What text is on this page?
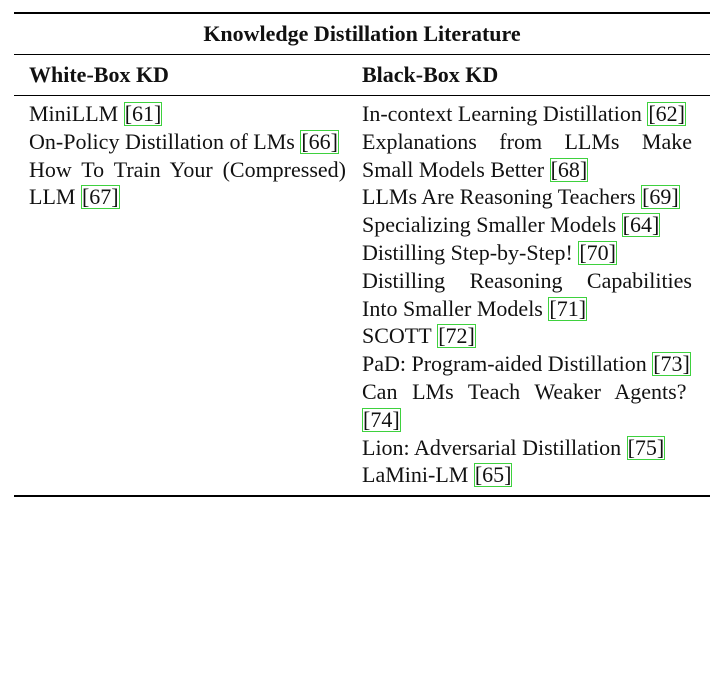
Knowledge Distillation Literature
White-Box KD	Black-Box KD
MiniLLM [61]
On-Policy Distillation of LMs [66]
How To Train Your (Compressed) LLM [67]
In-context Learning Distillation [62]
Explanations from LLMs Make Small Models Better [68]
LLMs Are Reasoning Teachers [69]
Specializing Smaller Models [64]
Distilling Step-by-Step! [70]
Distilling Reasoning Capabilities Into Smaller Models [71]
SCOTT [72]
PaD: Program-aided Distillation [73]
Can LMs Teach Weaker Agents? [74]
Lion: Adversarial Distillation [75]
LaMini-LM [65]
